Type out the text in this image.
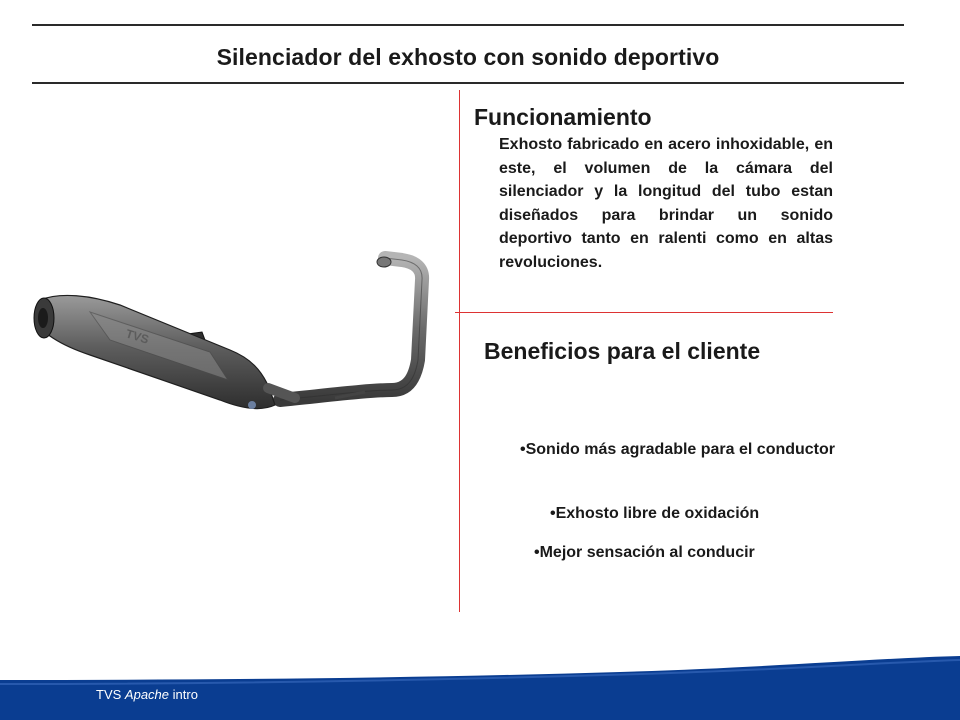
Silenciador del exhosto con sonido deportivo
TVS
Funcionamiento
Exhosto fabricado en acero inhoxidable, en este, el volumen de la cámara del silenciador y la longitud del tubo estan diseñados para brindar un sonido deportivo tanto en ralenti como en altas revoluciones.
Beneficios para el cliente
•Sonido más agradable para el conductor
•Exhosto libre de oxidación
•Mejor sensación al conducir
TVS Apache intro
